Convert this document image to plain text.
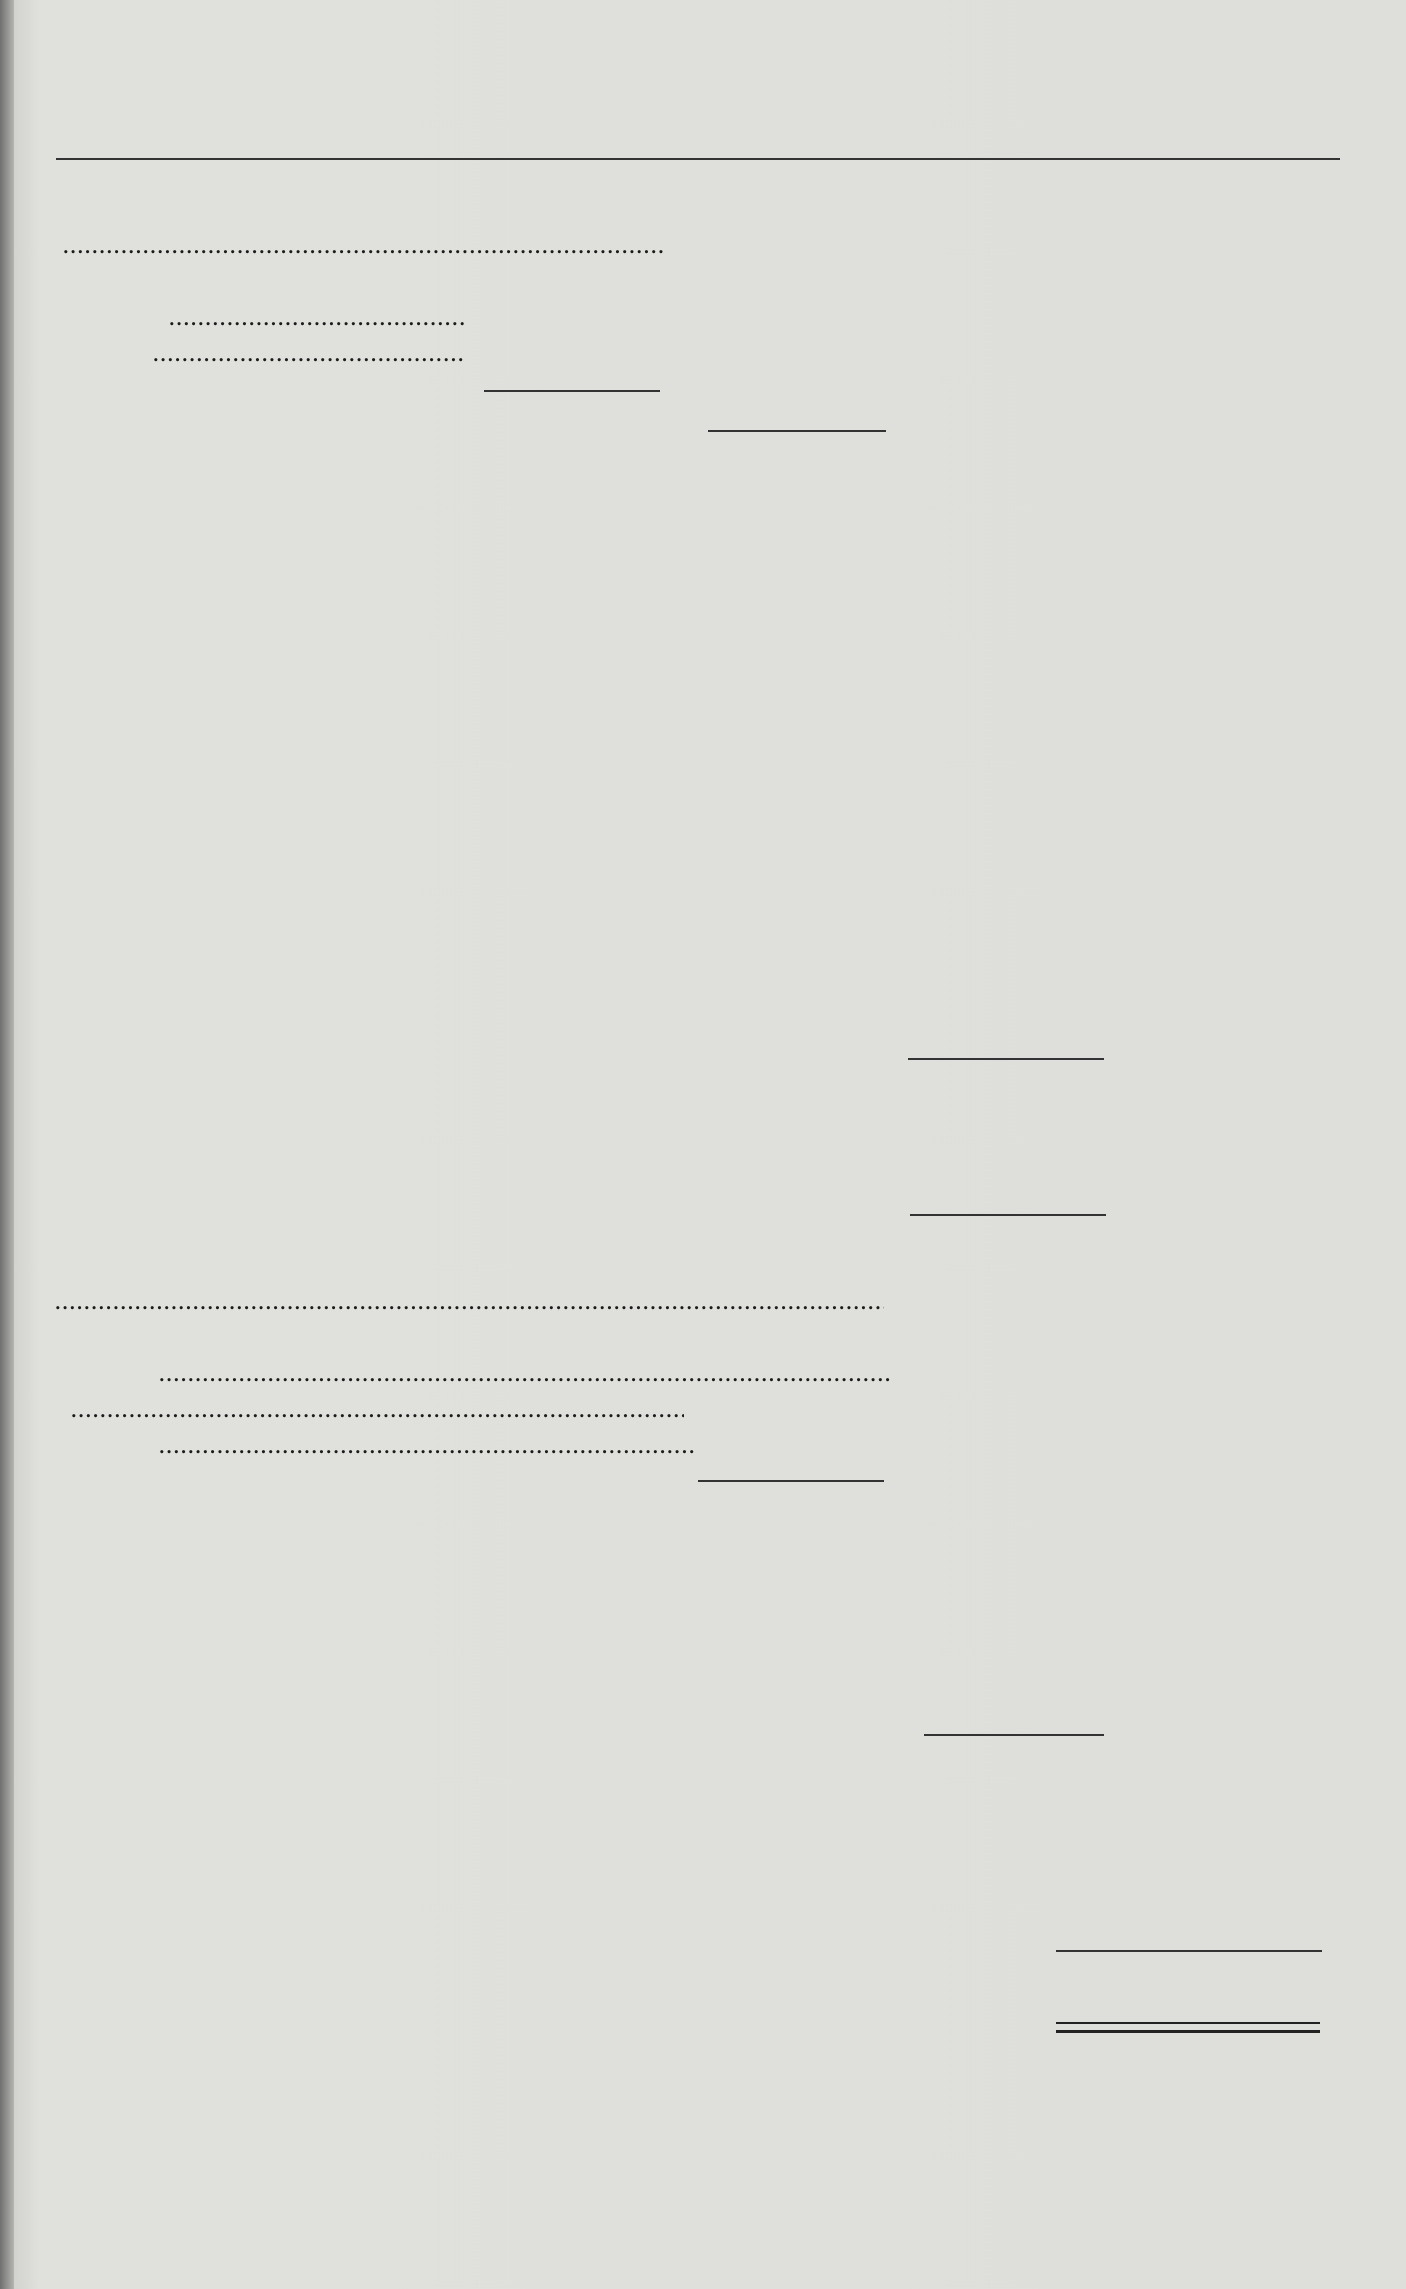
. . .
. . .
. . .
. . .
. . .
. . .
. . .
